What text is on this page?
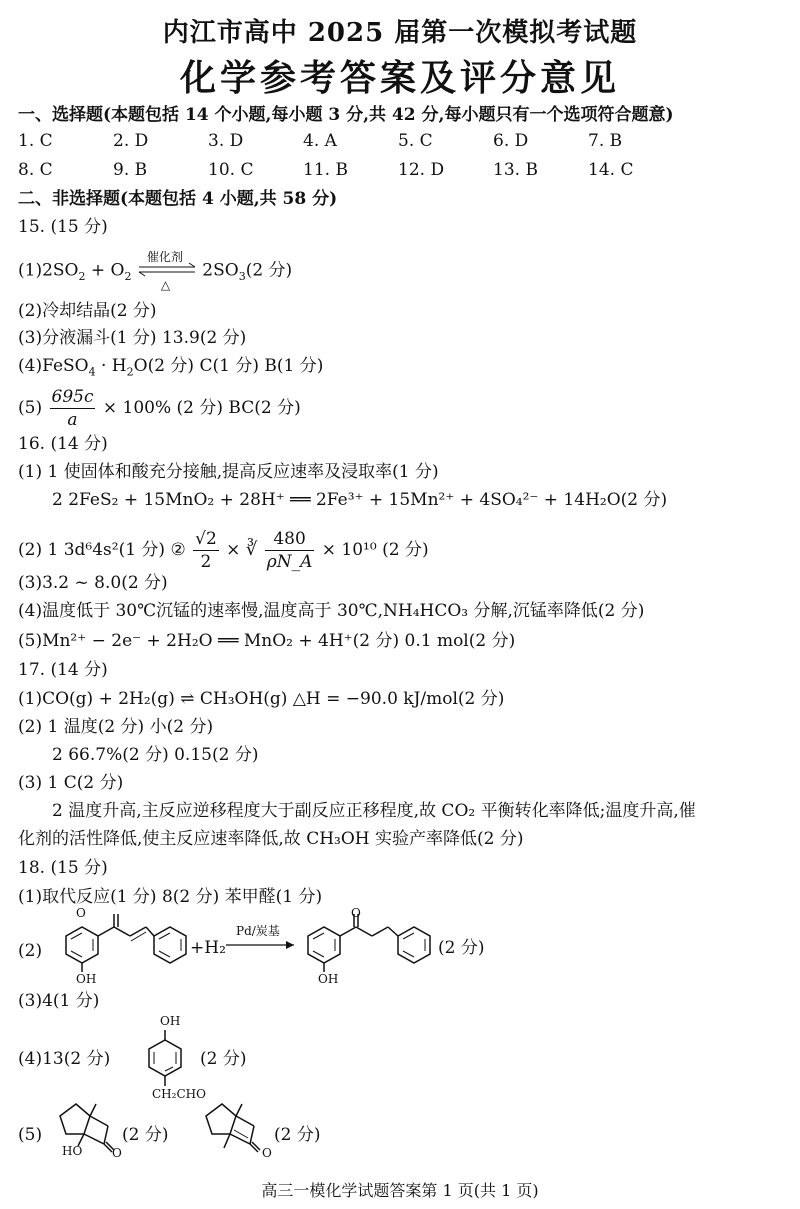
内江市高中 2025 届第一次模拟考试题
化学参考答案及评分意见
一、选择题(本题包括 14 个小题,每小题 3 分,共 42 分,每小题只有一个选项符合题意)
1. C	2. D	3. D	4. A	5. C	6. D	7. B
8. C	9. B	10. C	11. B	12. D	13. B	14. C
二、非选择题(本题包括 4 小题,共 58 分)
15. (15 分)
$(1)2SO_2 + O_2$
催化剂
△
$2SO_3(2$ 分)
(2)冷却结晶(2 分)
(3)分液漏斗(1 分) 13.9(2 分)
(4)FeSO$_4$ · $H_2O(2$ 分) C(1 分) B(1 分)
$(5) \frac{695c}{a} \times 100\%$ (2 分) BC(2 分)
16. (14 分)
(1) 1 使固体和酸充分接触,提高反应速率及浸取率(1 分)
2 2FeS₂ + 15MnO₂ + 28H⁺ ══ 2Fe³⁺ + 15Mn²⁺ + 4SO₄²⁻ + 14H₂O(2 分)
(2) 1 3d⁶4s²(1 分) ② $\frac{√2}{2}$ × ∛ $\frac{480}{\rho N\_A} \times 10^{10}$ (2 分)
(3)3.2 ~ 8.0(2 分)
(4)温度低于 30℃沉锰的速率慢,温度高于 30℃,NH₄HCO₃ 分解,沉锰率降低(2 分)
(5)Mn²⁺ − 2e⁻ + 2H₂O ══ MnO₂ + 4H⁺(2 分) 0.1 mol(2 分)
17. (14 分)
(1)CO(g) + 2H₂(g) ⇌ CH₃OH(g) △H = −90.0 kJ/mol(2 分)
(2) 1 温度(2 分) 小(2 分)
2 66.7%(2 分) 0.15(2 分)
(3) 1 C(2 分)
2 温度升高,主反应逆移程度大于副反应正移程度,故 CO₂ 平衡转化率降低;温度升高,催
化剂的活性降低,使主反应速率降低,故 CH₃OH 实验产率降低(2 分)
18. (15 分)
(1)取代反应(1 分) 8(2 分) 苯甲醛(1 分)
(2)
O
OH
+H₂
Pd/炭基
O
OH
(2 分)
(3)4(1 分)
(4)13(2 分)
OH
CH₂CHO
(2 分)
(5)
HO O
(2 分)
O
(2 分)
高三一模化学试题答案第 1 页(共 1 页)
